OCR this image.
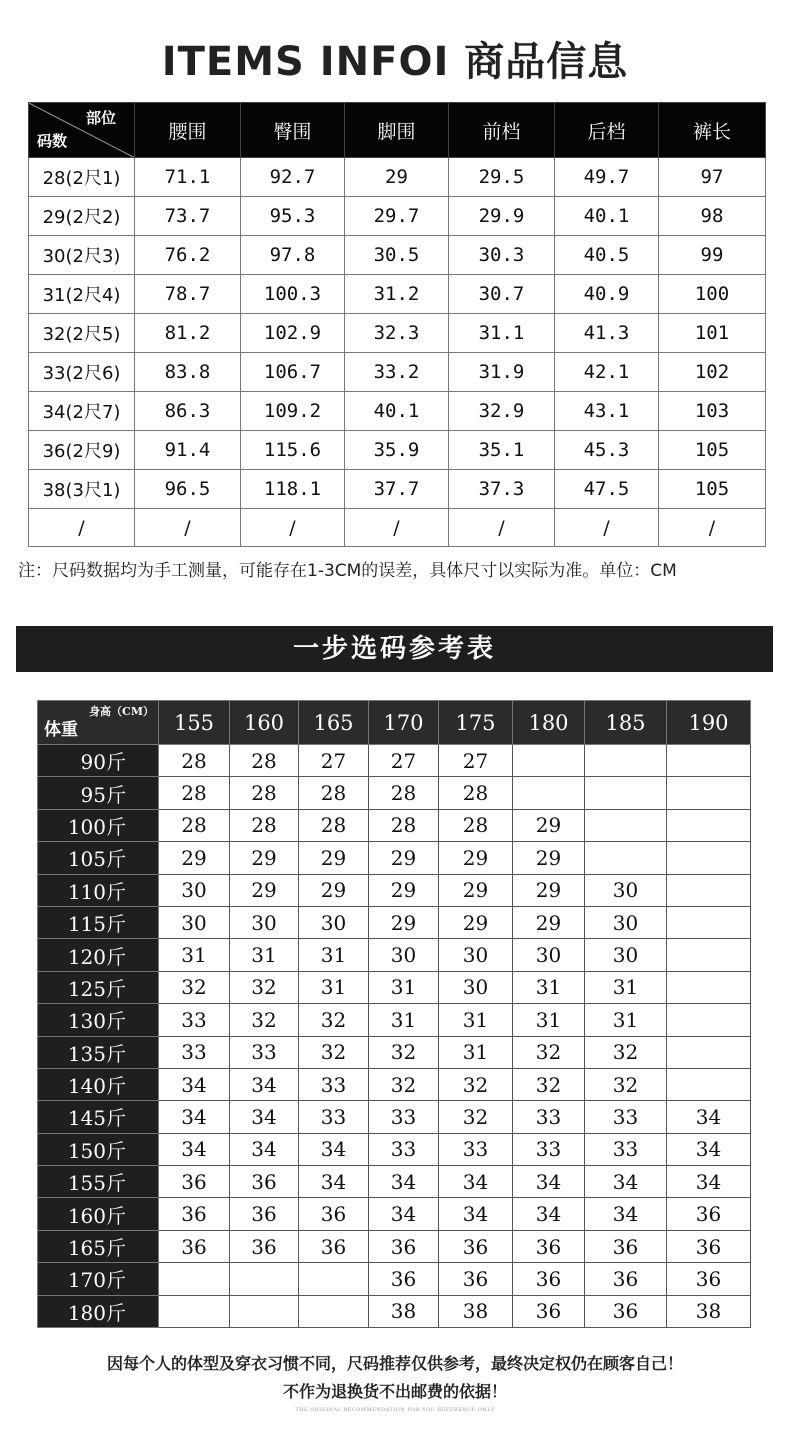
ITEMS INFOI 商品信息
部位
码数	腰围	臀围	脚围	前档	后档	裤长
28(2尺1)	71.1	92.7	29	29.5	49.7	97
29(2尺2)	73.7	95.3	29.7	29.9	40.1	98
30(2尺3)	76.2	97.8	30.5	30.3	40.5	99
31(2尺4)	78.7	100.3	31.2	30.7	40.9	100
32(2尺5)	81.2	102.9	32.3	31.1	41.3	101
33(2尺6)	83.8	106.7	33.2	31.9	42.1	102
34(2尺7)	86.3	109.2	40.1	32.9	43.1	103
36(2尺9)	91.4	115.6	35.9	35.1	45.3	105
38(3尺1)	96.5	118.1	37.7	37.3	47.5	105
/	/	/	/	/	/	/
注：尺码数据均为手工测量，可能存在1-3CM的误差，具体尺寸以实际为准。单位：CM
一步选码参考表
身高（CM）
体重	155	160	165	170	175	180	185	190
90斤	28	28	27	27	27			
95斤	28	28	28	28	28			
100斤	28	28	28	28	28	29		
105斤	29	29	29	29	29	29		
110斤	30	29	29	29	29	29	30	
115斤	30	30	30	29	29	29	30	
120斤	31	31	31	30	30	30	30	
125斤	32	32	31	31	30	31	31	
130斤	33	32	32	31	31	31	31	
135斤	33	33	32	32	31	32	32	
140斤	34	34	33	32	32	32	32	
145斤	34	34	33	33	32	33	33	34
150斤	34	34	34	33	33	33	33	34
155斤	36	36	34	34	34	34	34	34
160斤	36	36	36	34	34	34	34	36
165斤	36	36	36	36	36	36	36	36
170斤				36	36	36	36	36
180斤				38	38	36	36	38
因每个人的体型及穿衣习惯不同，尺码推荐仅供参考，最终决定权仍在顾客自己！
不作为退换货不出邮费的依据！
THE ORIGINAL RECOMMENDATION FOR YOU REFERENCE ONLY
